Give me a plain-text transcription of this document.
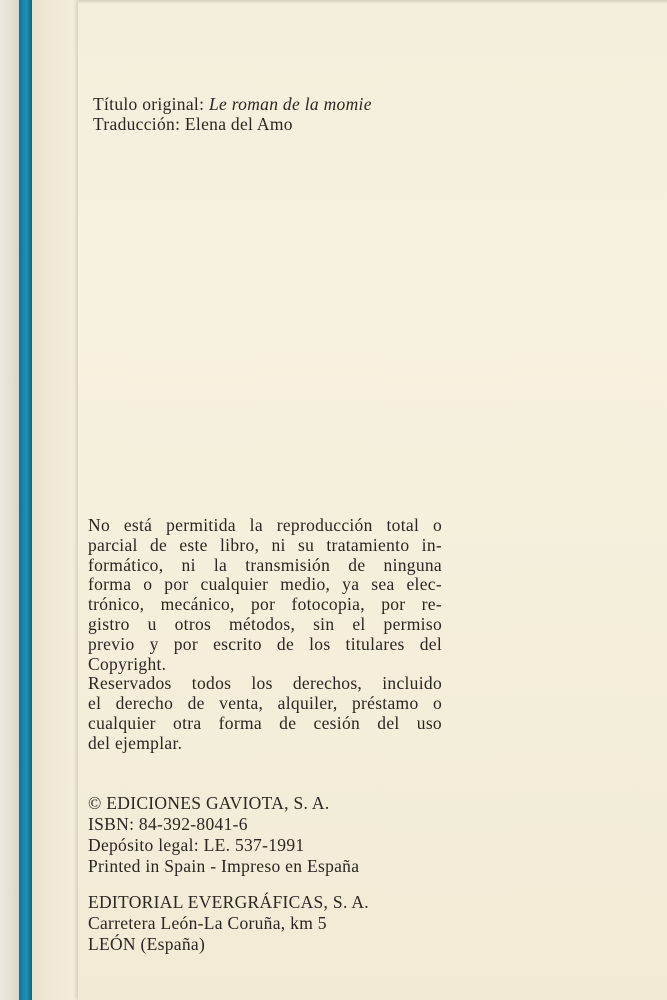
Título original: Le roman de la momie
Traducción: Elena del Amo
No está permitida la reproducción total o
parcial de este libro, ni su tratamiento in-
formático, ni la transmisión de ninguna
forma o por cualquier medio, ya sea elec-
trónico, mecánico, por fotocopia, por re-
gistro u otros métodos, sin el permiso
previo y por escrito de los titulares del
Copyright.
Reservados todos los derechos, incluido
el derecho de venta, alquiler, préstamo o
cualquier otra forma de cesión del uso
del ejemplar.
© EDICIONES GAVIOTA, S. A.
ISBN: 84-392-8041-6
Depósito legal: LE. 537-1991
Printed in Spain - Impreso en España
EDITORIAL EVERGRÁFICAS, S. A.
Carretera León-La Coruña, km 5
LEÓN (España)
